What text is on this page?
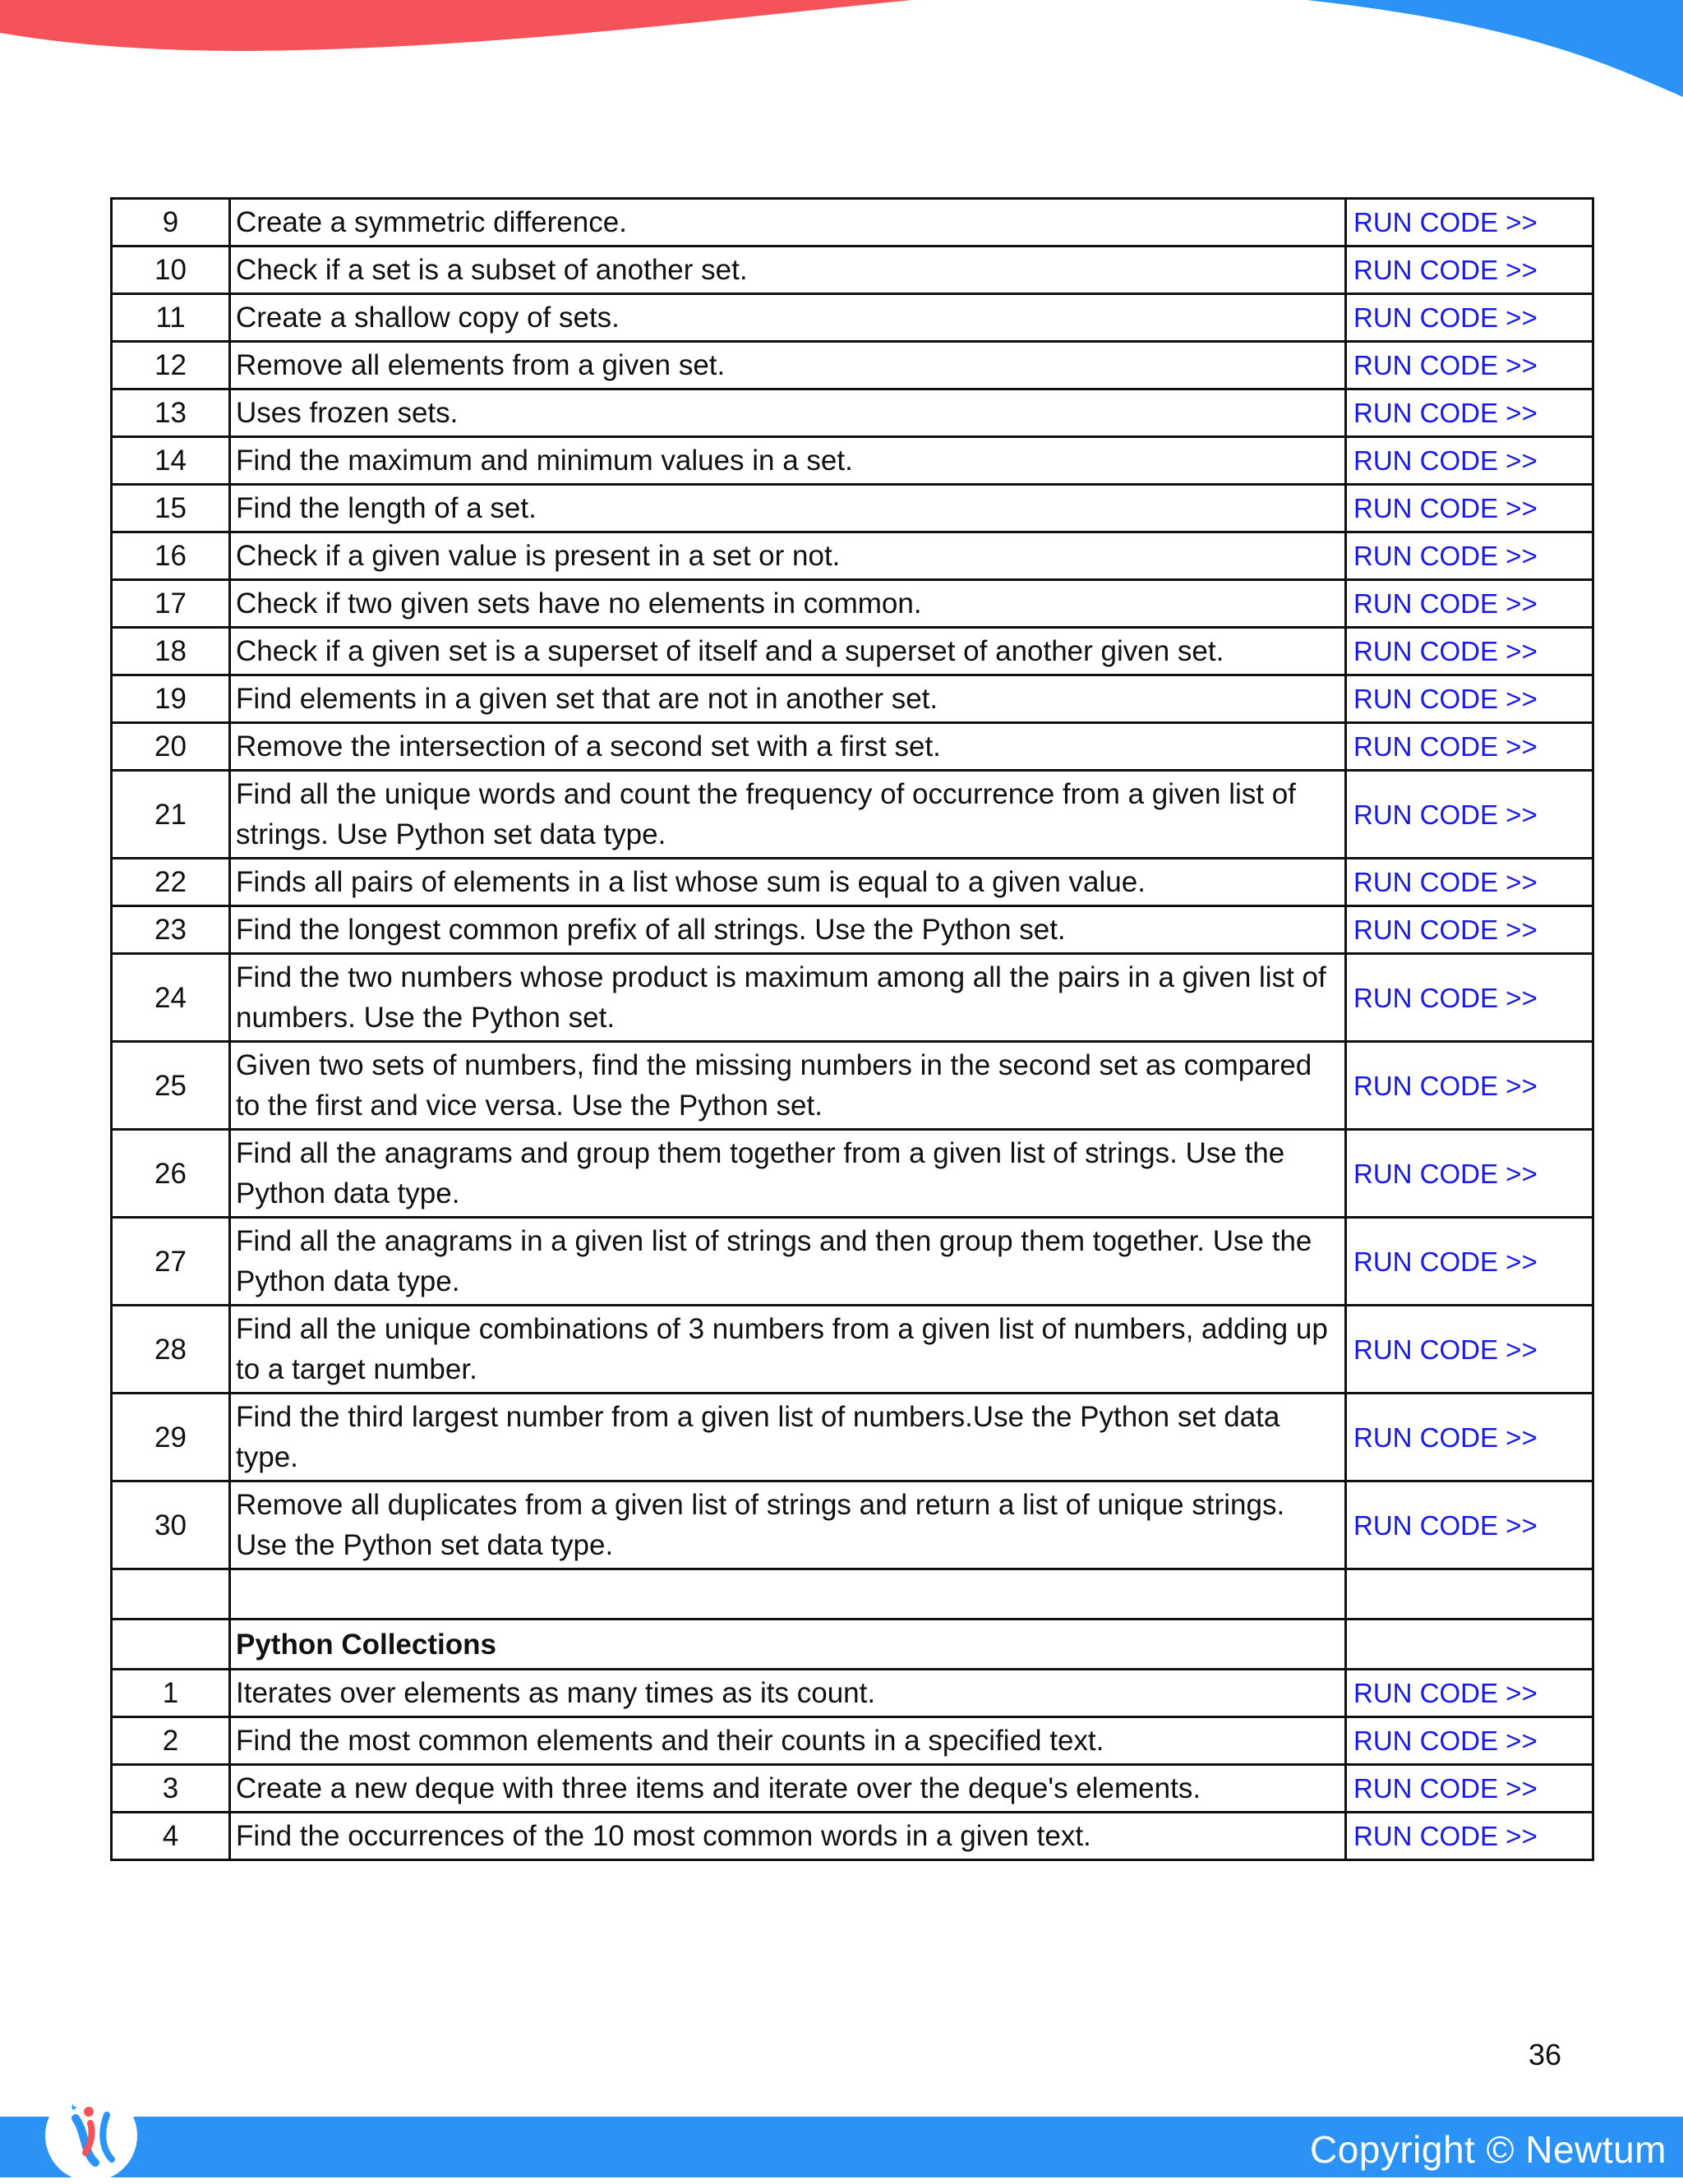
9	Create a symmetric difference.	RUN CODE >>
10	Check if a set is a subset of another set.	RUN CODE >>
11	Create a shallow copy of sets.	RUN CODE >>
12	Remove all elements from a given set.	RUN CODE >>
13	Uses frozen sets.	RUN CODE >>
14	Find the maximum and minimum values in a set.	RUN CODE >>
15	Find the length of a set.	RUN CODE >>
16	Check if a given value is present in a set or not.	RUN CODE >>
17	Check if two given sets have no elements in common.	RUN CODE >>
18	Check if a given set is a superset of itself and a superset of another given set.	RUN CODE >>
19	Find elements in a given set that are not in another set.	RUN CODE >>
20	Remove the intersection of a second set with a first set.	RUN CODE >>
21	Find all the unique words and count the frequency of occurrence from a given list of strings. Use Python set data type.	RUN CODE >>
22	Finds all pairs of elements in a list whose sum is equal to a given value.	RUN CODE >>
23	Find the longest common prefix of all strings. Use the Python set.	RUN CODE >>
24	Find the two numbers whose product is maximum among all the pairs in a given list of numbers. Use the Python set.	RUN CODE >>
25	Given two sets of numbers, find the missing numbers in the second set as compared to the first and vice versa. Use the Python set.	RUN CODE >>
26	Find all the anagrams and group them together from a given list of strings. Use the Python data type.	RUN CODE >>
27	Find all the anagrams in a given list of strings and then group them together. Use the Python data type.	RUN CODE >>
28	Find all the unique combinations of 3 numbers from a given list of numbers, adding up to a target number.	RUN CODE >>
29	Find the third largest number from a given list of numbers.Use the Python set data type.	RUN CODE >>
30	Remove all duplicates from a given list of strings and return a list of unique strings. Use the Python set data type.	RUN CODE >>

	Python Collections	
1	Iterates over elements as many times as its count.	RUN CODE >>
2	Find the most common elements and their counts in a specified text.	RUN CODE >>
3	Create a new deque with three items and iterate over the deque's elements.	RUN CODE >>
4	Find the occurrences of the 10 most common words in a given text.	RUN CODE >>
36
Copyright © Newtum
